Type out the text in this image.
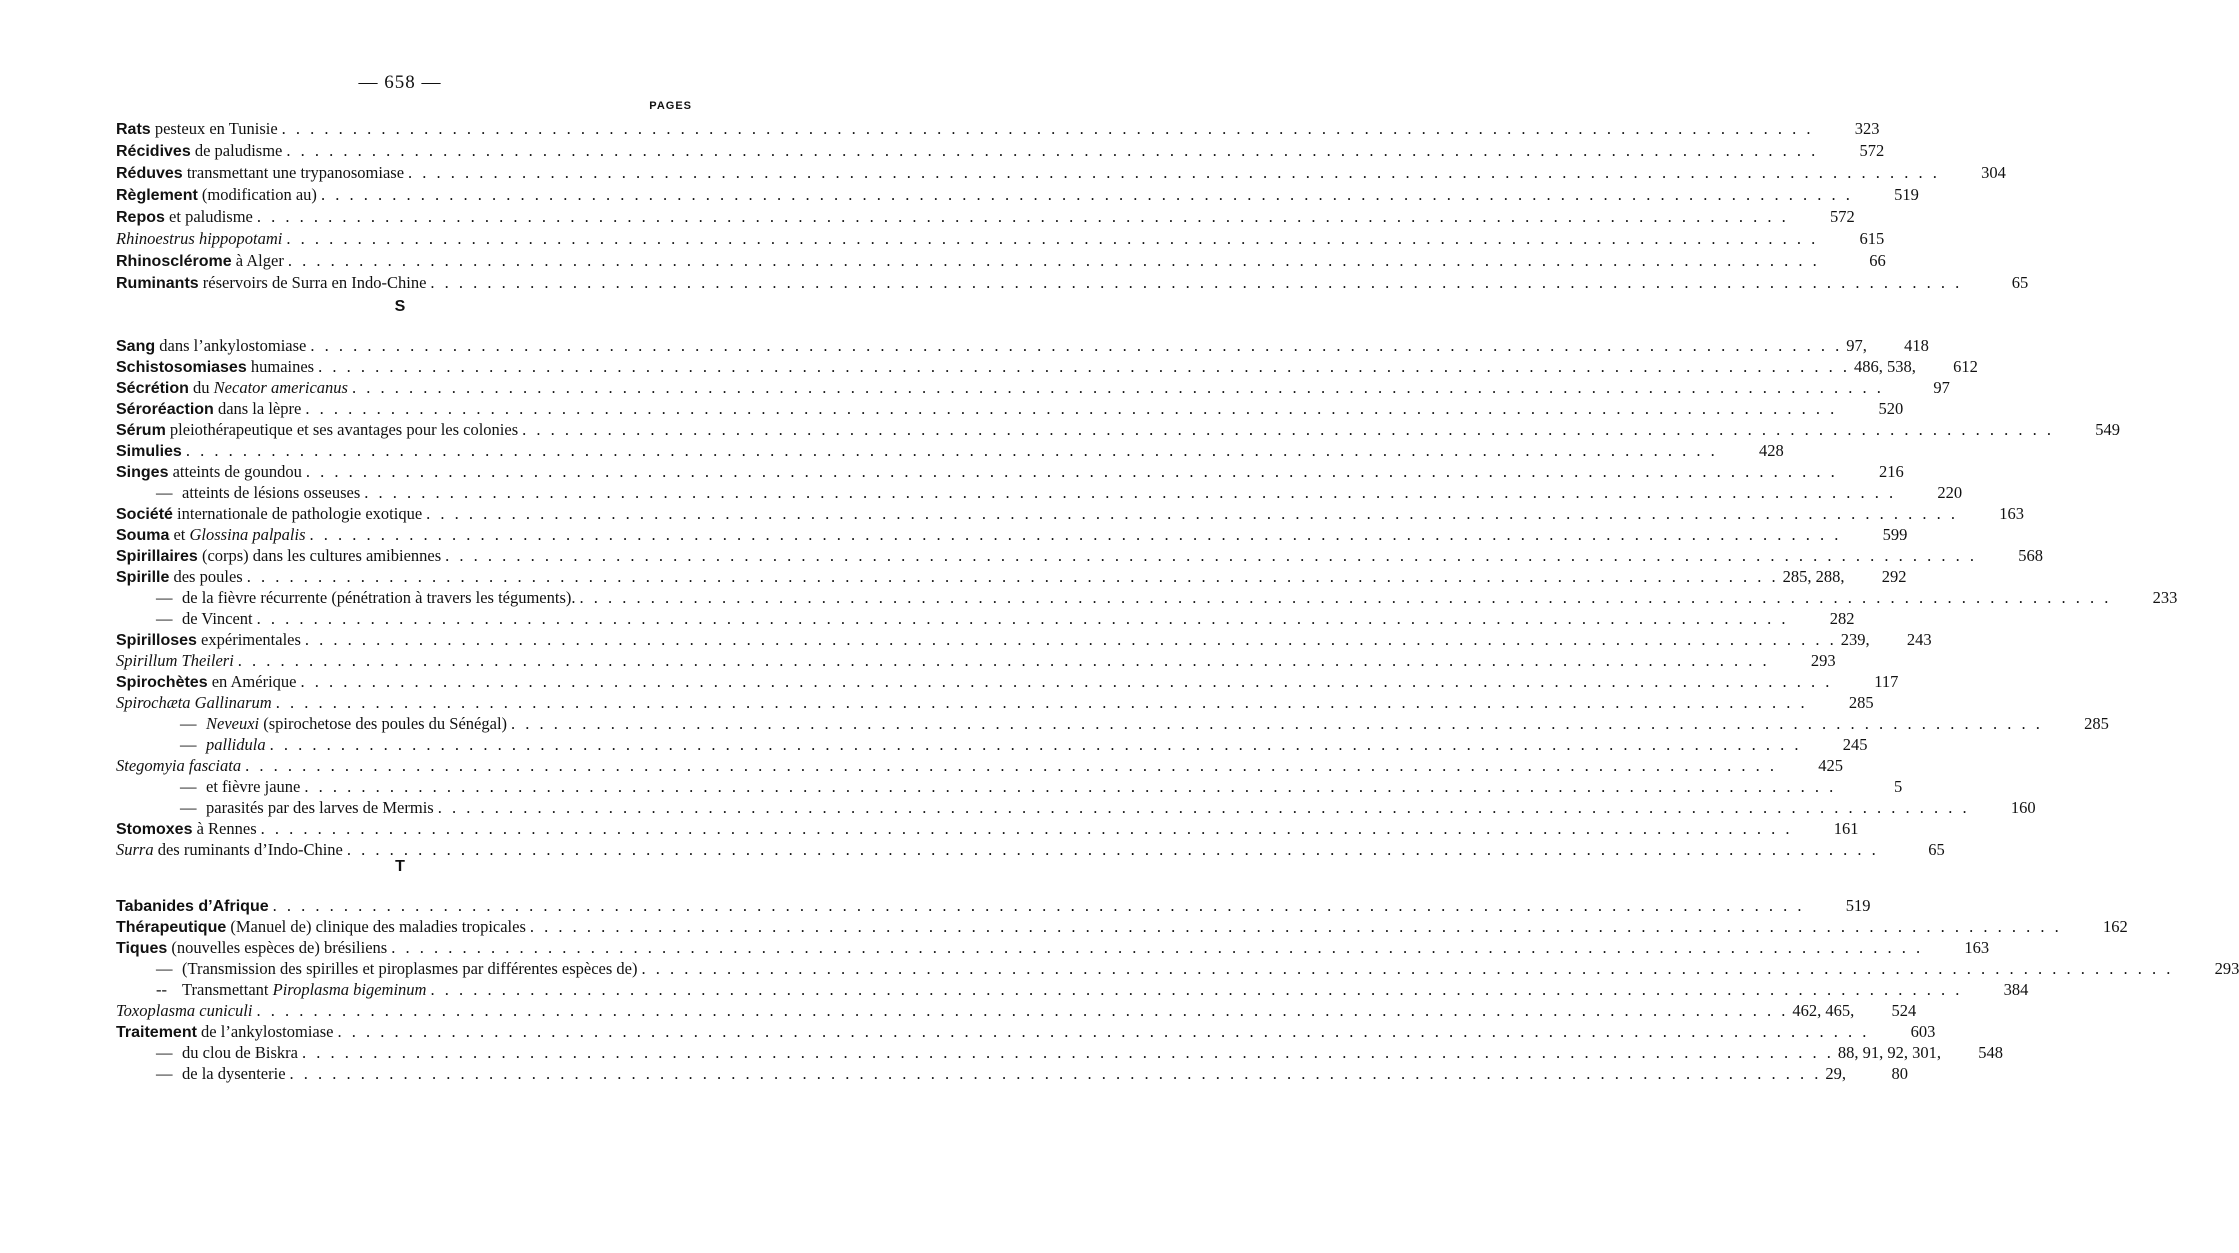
— 658 —
PAGES
S
T
Rats pesteux en Tunisie . . .	323
Récidives de paludisme . . .	572
Réduves transmettant une trypanosomiase . . .	304
Règlement (modification au) . . .	519
Repos et paludisme . . .	572
Rhinoestrus hippopotami . . .	615
Rhinosclérome à Alger . . .	66
Ruminants réservoirs de Surra en Indo-Chine . . .	65
Sang dans l’ankylostomiase . . .	97,	418
Schistosomiases humaines . . .	486, 538,	612
Sécrétion du Necator americanus . . .	97
Séroréaction dans la lèpre . . .	520
Sérum pleiothérapeutique et ses avantages pour les colonies . . .	549
Simulies . . .	428
Singes atteints de goundou . . .	216
— atteints de lésions osseuses . . .	220
Société internationale de pathologie exotique . . .	163
Souma et Glossina palpalis . . .	599
Spirillaires (corps) dans les cultures amibiennes . . .	568
Spirille des poules . . .	285, 288,	292
— de la fièvre récurrente (pénétration à travers les téguments). . . .	233
— de Vincent . . .	282
Spirilloses expérimentales . . .	239,	243
Spirillum Theileri . . .	293
Spirochètes en Amérique . . .	117
Spirochæta Gallinarum . . .	285
— Neveuxi (spirochetose des poules du Sénégal) . . .	285
— pallidula . . .	245
Stegomyia fasciata . . .	425
— et fièvre jaune . . .	5
— parasités par des larves de Mermis . . .	160
Stomoxes à Rennes . . .	161
Surra des ruminants d’Indo-Chine . . .	65
Tabanides d’Afrique . . .	519
Thérapeutique (Manuel de) clinique des maladies tropicales . . .	162
Tiques (nouvelles espèces de) brésiliens . . .	163
— (Transmission des spirilles et piroplasmes par différentes espèces de) . . .	293
-- Transmettant Piroplasma bigeminum . . .	384
Toxoplasma cuniculi . . .	462, 465,	524
Traitement de l’ankylostomiase . . .	603
— du clou de Biskra . . .	88, 91, 92, 301,	548
— de la dysenterie . . .	29,	80
